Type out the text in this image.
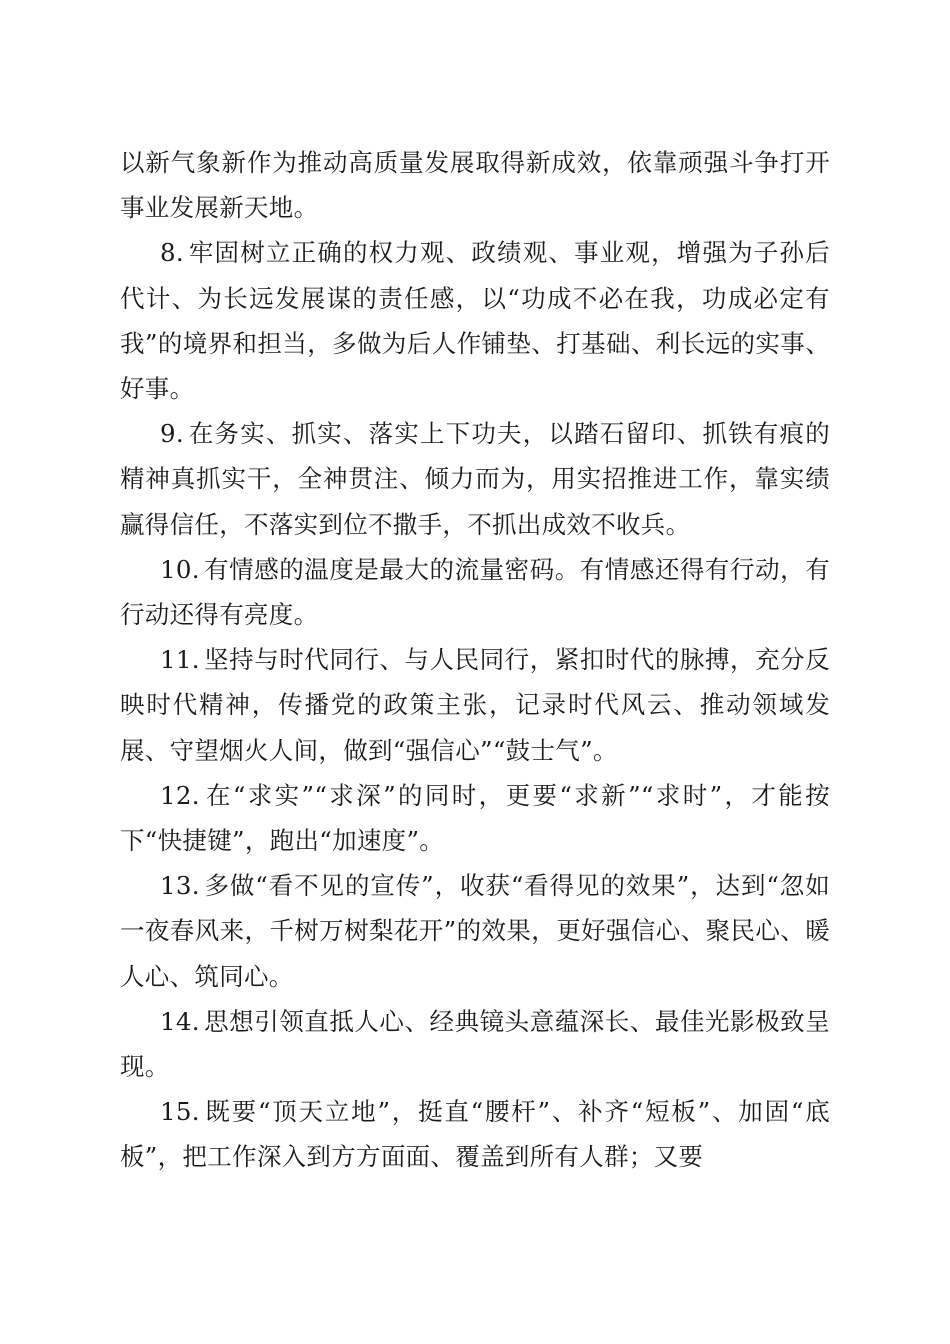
以新气象新作为推动高质量发展取得新成效，依靠顽强斗争打开事业发展新天地。

8. 牢固树立正确的权力观、政绩观、事业观，增强为子孙后代计、为长远发展谋的责任感，以“功成不必在我，功成必定有我”的境界和担当，多做为后人作铺垫、打基础、利长远的实事、好事。

9. 在务实、抓实、落实上下功夫，以踏石留印、抓铁有痕的精神真抓实干，全神贯注、倾力而为，用实招推进工作，靠实绩赢得信任，不落实到位不撒手，不抓出成效不收兵。

10. 有情感的温度是最大的流量密码。有情感还得有行动，有行动还得有亮度。

11. 坚持与时代同行、与人民同行，紧扣时代的脉搏，充分反映时代精神，传播党的政策主张，记录时代风云、推动领域发展、守望烟火人间，做到“强信心”“鼓士气”。

12. 在“求实”“求深”的同时，更要“求新”“求时”，才能按下“快捷键”，跑出“加速度”。

13. 多做“看不见的宣传”，收获“看得见的效果”，达到“忽如一夜春风来，千树万树梨花开”的效果，更好强信心、聚民心、暖人心、筑同心。

14. 思想引领直抵人心、经典镜头意蕴深长、最佳光影极致呈现。

15. 既要“顶天立地”，挺直“腰杆”、补齐“短板”、加固“底板”，把工作深入到方方面面、覆盖到所有人群；又要
